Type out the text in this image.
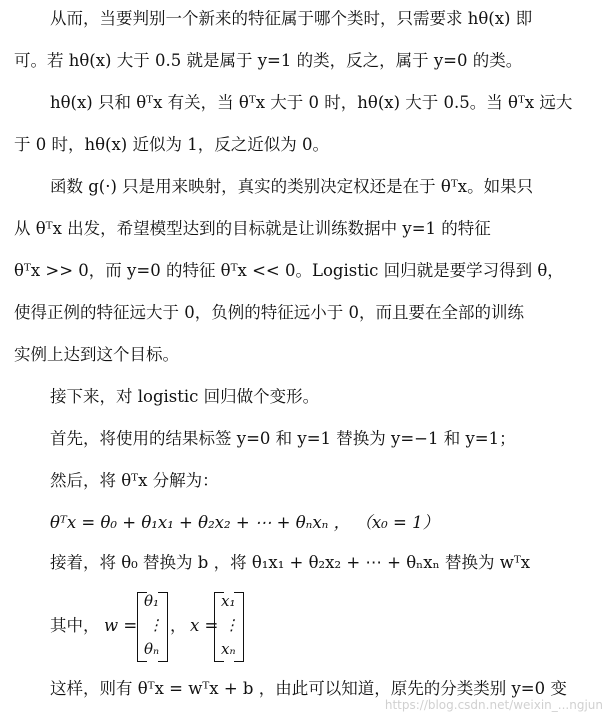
从而，当要判别一个新来的特征属于哪个类时，只需要求 hθ(x) 即
可。若 hθ(x) 大于 0.5 就是属于 y=1 的类，反之，属于 y=0 的类。
hθ(x) 只和 θᵀx 有关，当 θᵀx 大于 0 时，hθ(x) 大于 0.5。当 θᵀx 远大
于 0 时，hθ(x) 近似为 1，反之近似为 0。
函数 g(·) 只是用来映射，真实的类别决定权还是在于 θᵀx。如果只
从 θᵀx 出发，希望模型达到的目标就是让训练数据中 y=1 的特征
θᵀx >> 0，而 y=0 的特征 θᵀx << 0。Logistic 回归就是要学习得到 θ，
使得正例的特征远大于 0，负例的特征远小于 0，而且要在全部的训练
实例上达到这个目标。
接下来，对 logistic 回归做个变形。
首先，将使用的结果标签 y=0 和 y=1 替换为 y=−1 和 y=1；
然后，将 θᵀx 分解为：
θᵀx = θ₀ + θ₁x₁ + θ₂x₂ + ⋯ + θₙxₙ ， （x₀ = 1）
接着，将 θ₀ 替换为 b ，将 θ₁x₁ + θ₂x₂ + ⋯ + θₙxₙ 替换为 wᵀx
其中， w =
θ₁
⋮
θₙ
， x =
x₁
⋮
xₙ
这样，则有 θᵀx = wᵀx + b ，由此可以知道，原先的分类类别 y=0 变
https://blog.csdn.net/weixin_...ngjun
